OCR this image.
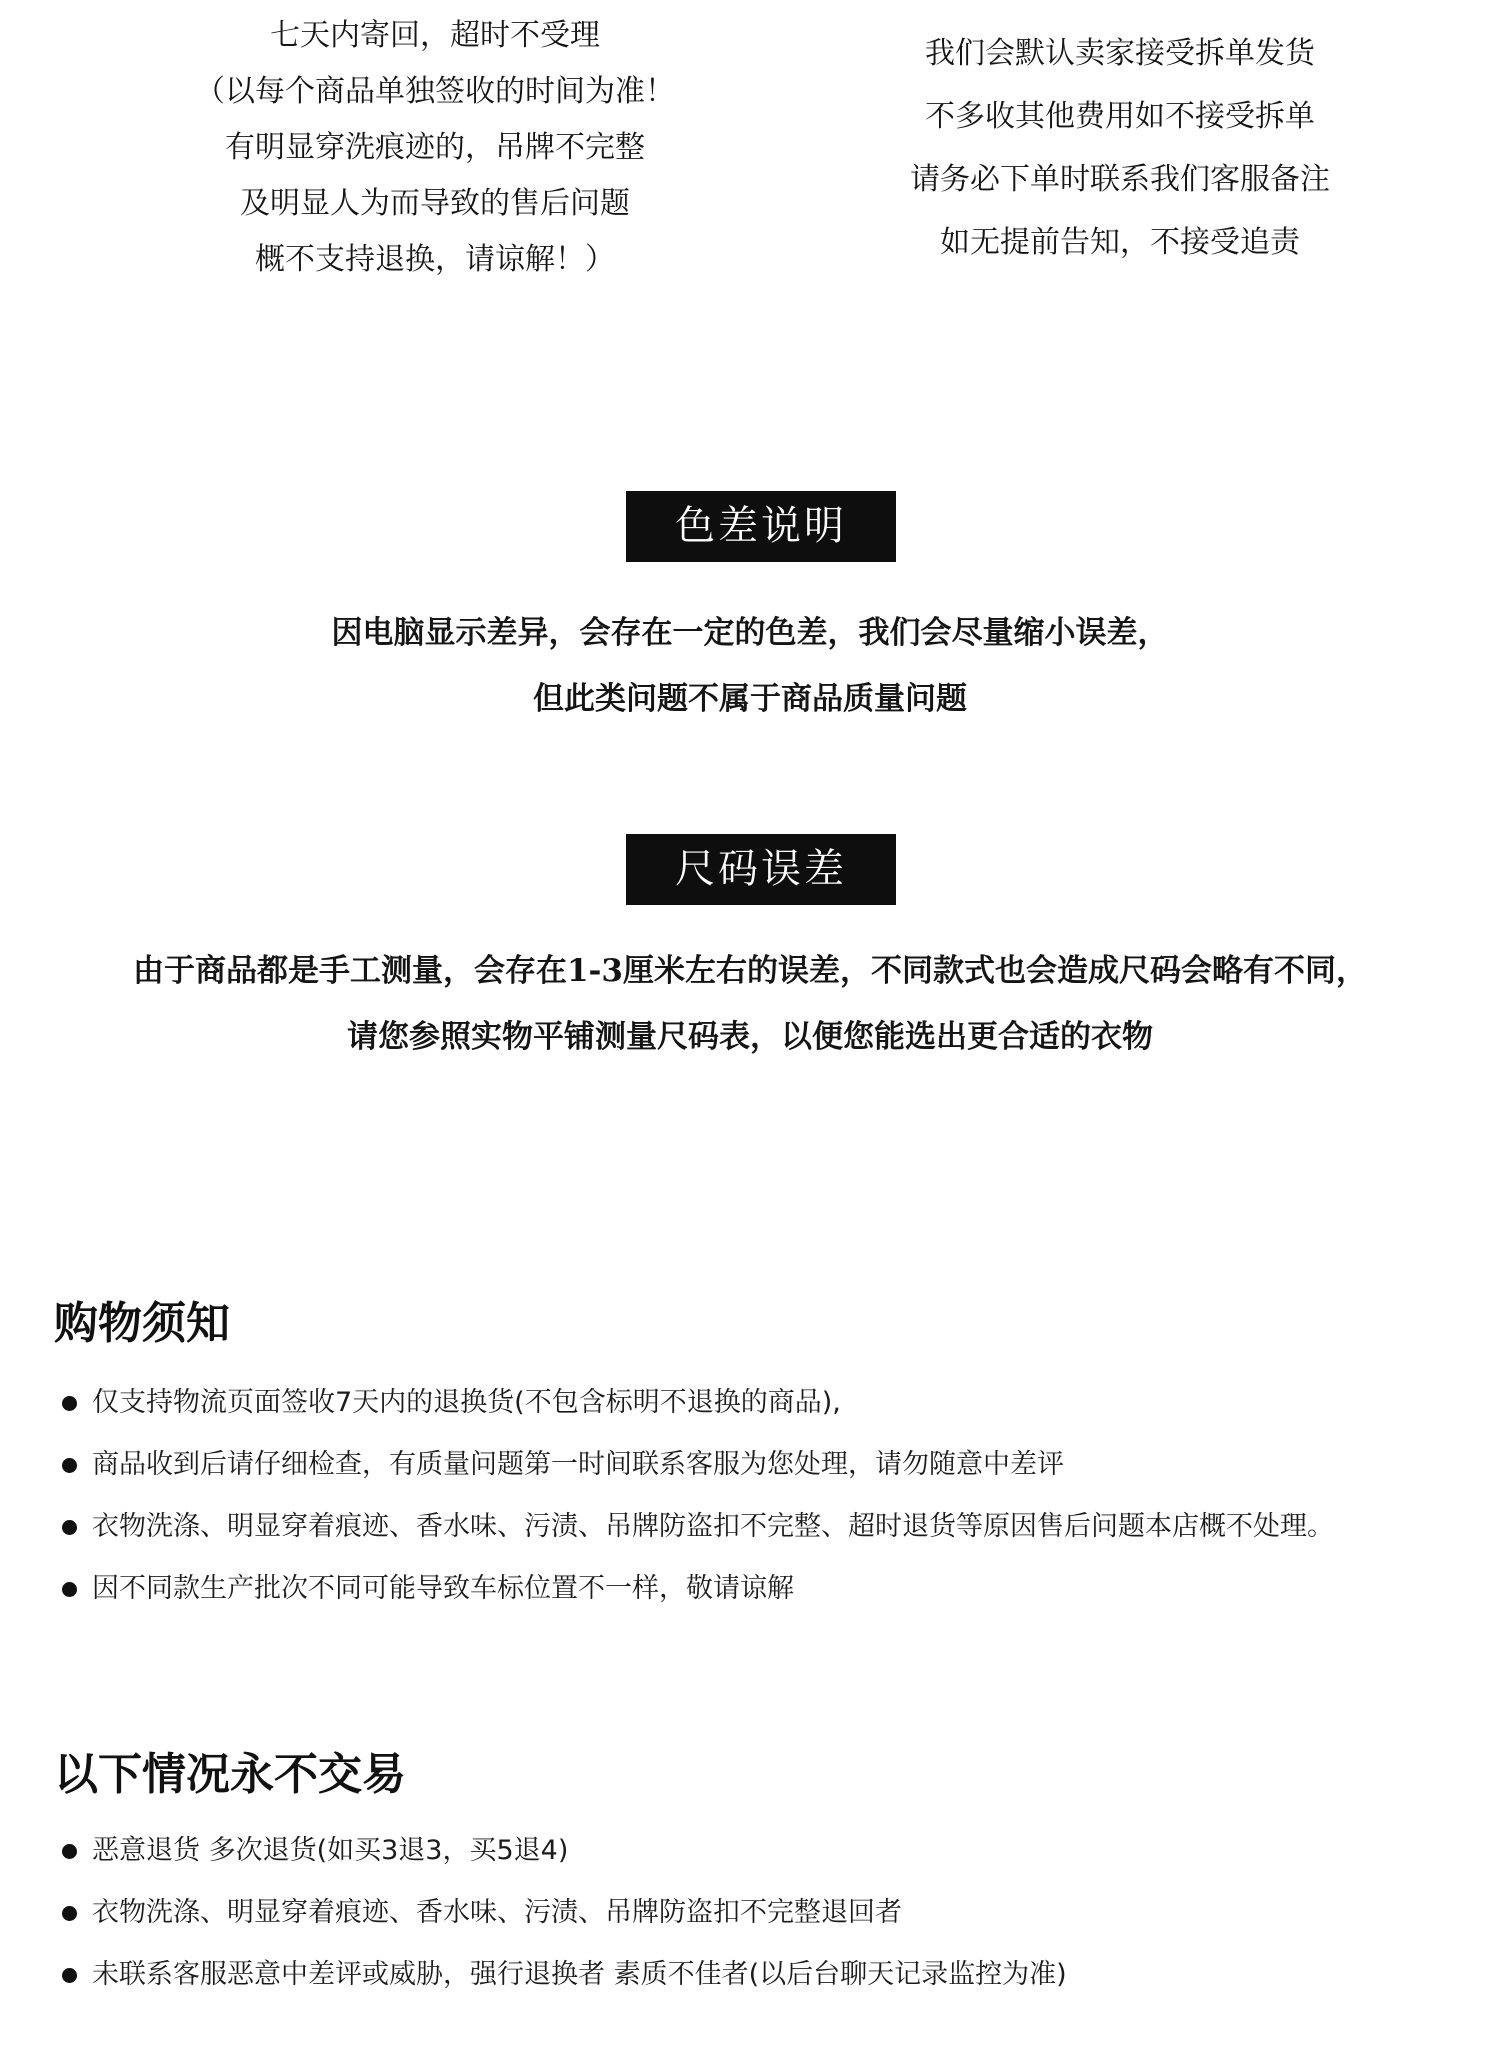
七天内寄回，超时不受理
（以每个商品单独签收的时间为准！
有明显穿洗痕迹的，吊牌不完整
及明显人为而导致的售后问题
概不支持退换，请谅解！）
我们会默认卖家接受拆单发货
不多收其他费用如不接受拆单
请务必下单时联系我们客服备注
如无提前告知，不接受追责
色差说明
因电脑显示差异，会存在一定的色差，我们会尽量缩小误差，
但此类问题不属于商品质量问题
尺码误差
由于商品都是手工测量，会存在1-3厘米左右的误差，不同款式也会造成尺码会略有不同，
请您参照实物平铺测量尺码表，以便您能选出更合适的衣物
购物须知
仅支持物流页面签收7天内的退换货(不包含标明不退换的商品),
商品收到后请仔细检查，有质量问题第一时间联系客服为您处理，请勿随意中差评
衣物洗涤、明显穿着痕迹、香水味、污渍、吊牌防盗扣不完整、超时退货等原因售后问题本店概不处理。
因不同款生产批次不同可能导致车标位置不一样，敬请谅解
以下情况永不交易
恶意退货 多次退货(如买3退3，买5退4)
衣物洗涤、明显穿着痕迹、香水味、污渍、吊牌防盗扣不完整退回者
未联系客服恶意中差评或威胁，强行退换者 素质不佳者(以后台聊天记录监控为准)
